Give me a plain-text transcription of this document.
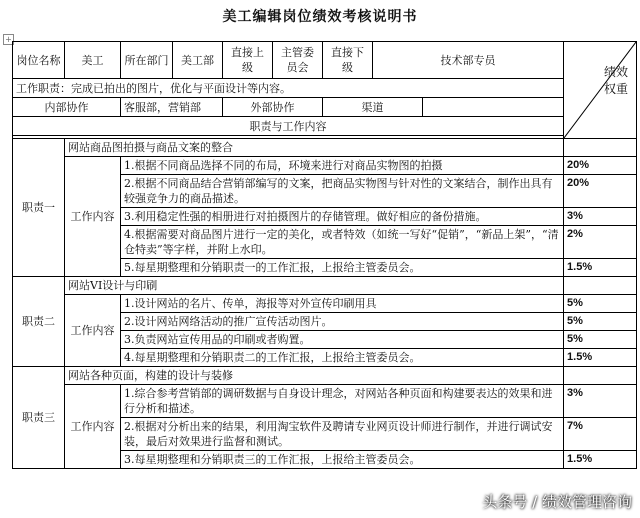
美工编辑岗位绩效考核说明书
+
岗位名称	美工	所在部门	美工部	直接上级	主管委员会	直接下级	技术部专员		绩效
权重

工作职责：完成已拍出的图片，优化与平面设计等内容。									
内部协作		客服部，营销部		外部协作		渠道			
职责与工作内容									

职责一	网站商品图拍摄与商品文案的整合								
	工作内容	1.根据不同商品选择不同的布局，环境来进行对商品实物图的拍摄							20%
		2.根据不同商品结合营销部编写的文案，把商品实物图与针对性的文案结合，制作出具有较强竞争力的商品描述。							20%
		3.利用稳定性强的相册进行对拍摄图片的存储管理。做好相应的备份措施。							3%
		4.根据需要对商品图片进行一定的美化，或者特效（如统一写好“促销”，“新品上架”，“清仓特卖”等字样，并附上水印。							2%
		5.每星期整理和分销职责一的工作汇报，上报给主管委员会。							1.5%
职责二	网站VI设计与印刷								
	工作内容	1.设计网站的名片、传单，海报等对外宣传印刷用具							5%
		2.设计网站网络活动的推广宣传活动图片。							5%
		3.负责网站宣传用品的印刷或者购置。							5%
		4.每星期整理和分销职责二的工作汇报，上报给主管委员会。							1.5%
职责三	网站各种页面，构建的设计与装修								
	工作内容	1.综合参考营销部的调研数据与自身设计理念，对网站各种页面和构建要表达的效果和进行分析和描述。							3%
		2.根据对分析出来的结果，利用淘宝软件及聘请专业网页设计师进行制作，并进行调试安装，最后对效果进行监督和测试。							7%
		3.每星期整理和分销职责三的工作汇报，上报给主管委员会。							1.5%
头条号 / 绩效管理咨询
